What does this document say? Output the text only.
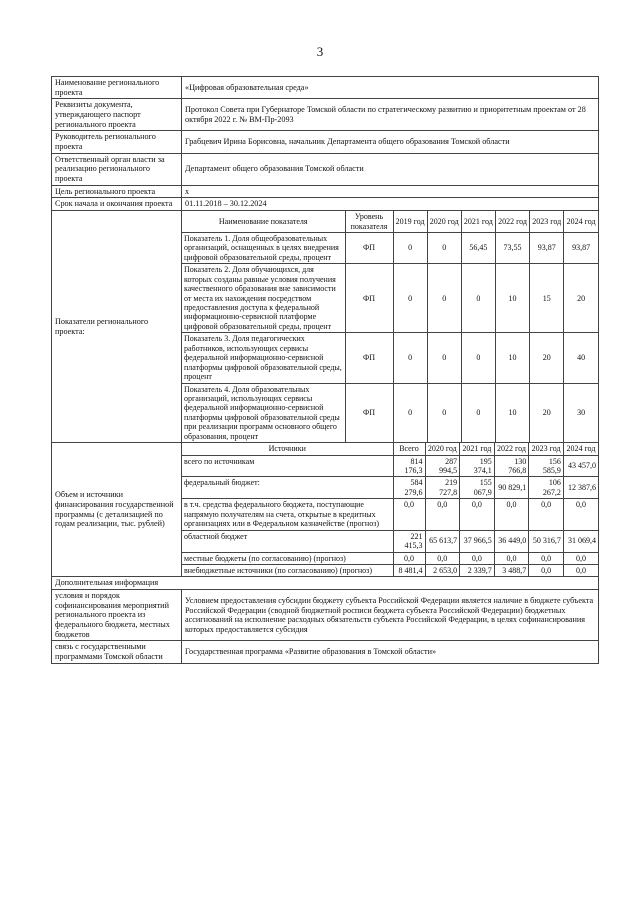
3
Наименование регионального проекта	«Цифровая образовательная среда»
Реквизиты документа, утверждающего паспорт регионального проекта	Протокол Совета при Губернаторе Томской области по стратегическому развитию и приоритетным проектам от 28 октября 2022 г. № ВМ-Пр-2093
Руководитель регионального проекта	Грабцевич Ирина Борисовна, начальник Департамента общего образования Томской области
Ответственный орган власти за реализацию регионального проекта	Департамент общего образования Томской области
Цель регионального проекта	х
Срок начала и окончания проекта	01.11.2018 – 30.12.2024
Показатели регионального проекта:	
Наименование показателя	Уровень показателя	2019 год	2020 год	2021 год	2022 год	2023 год	2024 год
Показатель 1. Доля общеобразовательных организаций, оснащенных в целях внедрения цифровой образовательной среды, процент	ФП	0	0	56,45	73,55	93,87	93,87
Показатель 2. Доля обучающихся, для которых созданы равные условия получения качественного образования вне зависимости от места их нахождения посредством предоставления доступа к федеральной информационно-сервисной платформе цифровой образовательной среды, процент	ФП	0	0	0	10	15	20
Показатель 3. Доля педагогических работников, использующих сервисы федеральной информационно-сервисной платформы цифровой образовательной среды, процент	ФП	0	0	0	10	20	40
Показатель 4. Доля образовательных организаций, использующих сервисы федеральной информационно-сервисной платформы цифровой образовательной среды при реализации программ основного общего образования, процент	ФП	0	0	0	10	20	30

Объем и источники финансирования государственной программы (с детализацией по годам реализации, тыс. рублей)	
Источники	Всего	2020 год	2021 год	2022 год	2023 год	2024 год
всего по источникам	814 176,3	287 994,5	195 374,1	130 766,8	156 585,9	43 457,0
федеральный бюджет:	584 279,6	219 727,8	155 067,9	90 829,1	106 267,2	12 387,6
в т.ч. средства федерального бюджета, поступающие напрямую получателям на счета, открытые в кредитных организациях или в Федеральном казначействе (прогноз)	0,0	0,0	0,0	0,0	0,0	0,0
областной бюджет	221 415,3	65 613,7	37 966,5	36 449,0	50 316,7	31 069,4
местные бюджеты (по согласованию) (прогноз)	0,0	0,0	0,0	0,0	0,0	0,0
внебюджетные источники (по согласованию) (прогноз)	8 481,4	2 653,0	2 339,7	3 488,7	0,0	0,0

Дополнительная информация
условия и порядок софинансирования мероприятий регионального проекта из федерального бюджета, местных бюджетов	Условием предоставления субсидии бюджету субъекта Российской Федерации является наличие в бюджете субъекта Российской Федерации (сводной бюджетной росписи бюджета субъекта Российской Федерации) бюджетных ассигнований на исполнение расходных обязательств субъекта Российской Федерации, в целях софинансирования которых предоставляется субсидия
связь с государственными программами Томской области	Государственная программа «Развитие образования в Томской области»
